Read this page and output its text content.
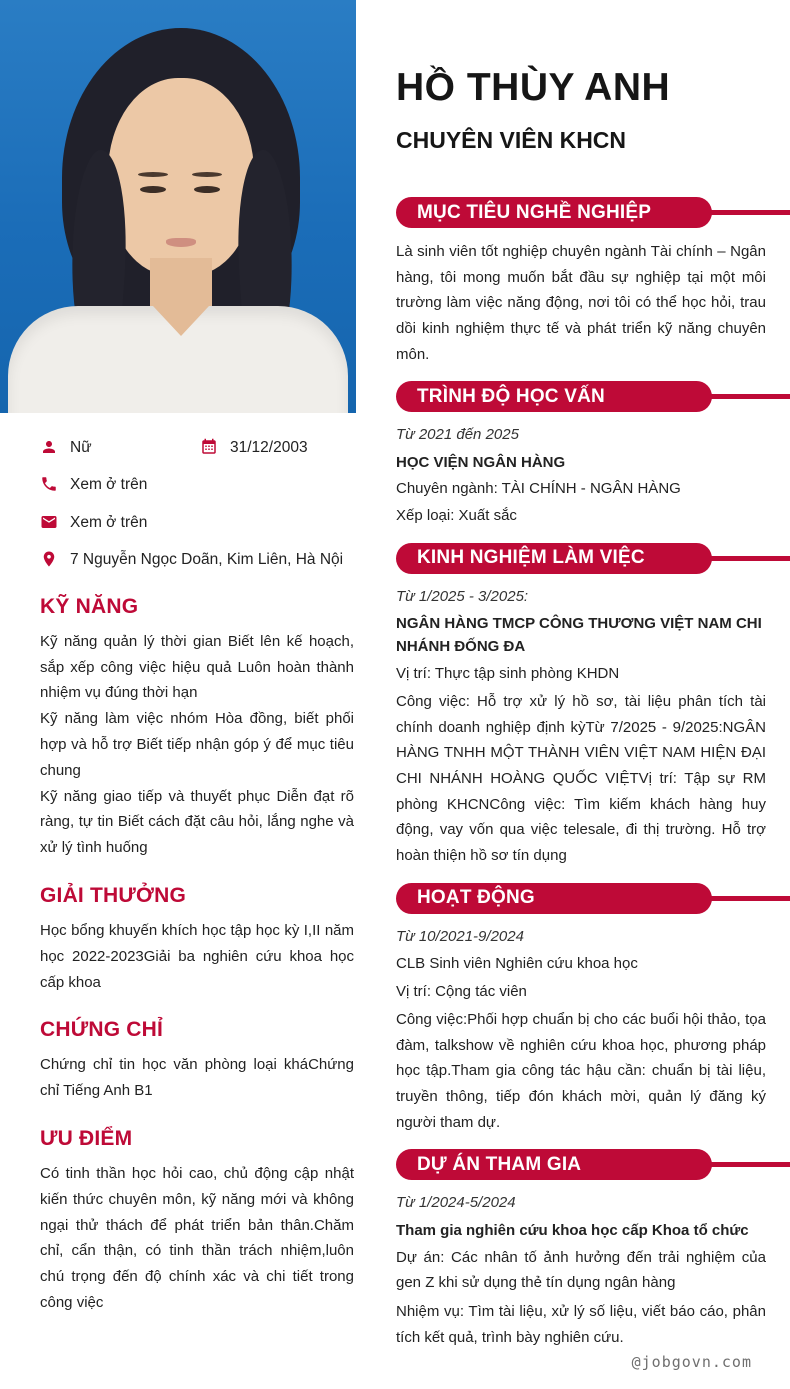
Nữ	31/12/2003
Xem ở trên
Xem ở trên
7 Nguyễn Ngọc Doãn, Kim Liên, Hà Nội
KỸ NĂNG

Kỹ năng quản lý thời gian Biết lên kế hoạch, sắp xếp công việc hiệu quả Luôn hoàn thành nhiệm vụ đúng thời hạn

Kỹ năng làm việc nhóm Hòa đồng, biết phối hợp và hỗ trợ Biết tiếp nhận góp ý để mục tiêu chung

Kỹ năng giao tiếp và thuyết phục Diễn đạt rõ ràng, tự tin Biết cách đặt câu hỏi, lắng nghe và xử lý tình huống

GIẢI THƯỞNG

Học bổng khuyến khích học tập học kỳ I,II năm học 2022-2023Giải ba nghiên cứu khoa học cấp khoa

CHỨNG CHỈ

Chứng chỉ tin học văn phòng loại kháChứng chỉ Tiếng Anh B1

ƯU ĐIỂM

Có tinh thần học hỏi cao, chủ động cập nhật kiến thức chuyên môn, kỹ năng mới và không ngại thử thách để phát triển bản thân.Chăm chỉ, cẩn thận, có tinh thần trách nhiệm,luôn chú trọng đến độ chính xác và chi tiết trong công việc

HỒ THÙY ANH
CHUYÊN VIÊN KHCN
MỤC TIÊU NGHỀ NGHIỆP

Là sinh viên tốt nghiệp chuyên ngành Tài chính – Ngân hàng, tôi mong muốn bắt đầu sự nghiệp tại một môi trường làm việc năng động, nơi tôi có thể học hỏi, trau dồi kinh nghiệm thực tế và phát triển kỹ năng chuyên môn.

TRÌNH ĐỘ HỌC VẤN

Từ 2021 đến 2025

HỌC VIỆN NGÂN HÀNG

Chuyên ngành: TÀI CHÍNH - NGÂN HÀNG

Xếp loại: Xuất sắc

KINH NGHIỆM LÀM VIỆC

Từ 1/2025 - 3/2025:

NGÂN HÀNG TMCP CÔNG THƯƠNG VIỆT NAM CHI NHÁNH ĐỐNG ĐA

Vị trí: Thực tập sinh phòng KHDN

Công việc: Hỗ trợ xử lý hồ sơ, tài liệu phân tích tài chính doanh nghiệp định kỳTừ 7/2025 - 9/2025:NGÂN HÀNG TNHH MỘT THÀNH VIÊN VIỆT NAM HIỆN ĐẠI CHI NHÁNH HOÀNG QUỐC VIỆTVị trí: Tập sự RM phòng KHCNCông việc: Tìm kiếm khách hàng huy động, vay vốn qua việc telesale, đi thị trường. Hỗ trợ hoàn thiện hồ sơ tín dụng

HOẠT ĐỘNG

Từ 10/2021-9/2024

CLB Sinh viên Nghiên cứu khoa học

Vị trí: Cộng tác viên

Công việc:Phối hợp chuẩn bị cho các buổi hội thảo, tọa đàm, talkshow về nghiên cứu khoa học, phương pháp học tập.Tham gia công tác hậu cần: chuẩn bị tài liệu, truyền thông, tiếp đón khách mời, quản lý đăng ký người tham dự.

DỰ ÁN THAM GIA

Từ 1/2024-5/2024

Tham gia nghiên cứu khoa học cấp Khoa tổ chức

Dự án: Các nhân tố ảnh hưởng đến trải nghiệm của gen Z khi sử dụng thẻ tín dụng ngân hàng

Nhiệm vụ: Tìm tài liệu, xử lý số liệu, viết báo cáo, phân tích kết quả, trình bày nghiên cứu.

@jobgovn.com
